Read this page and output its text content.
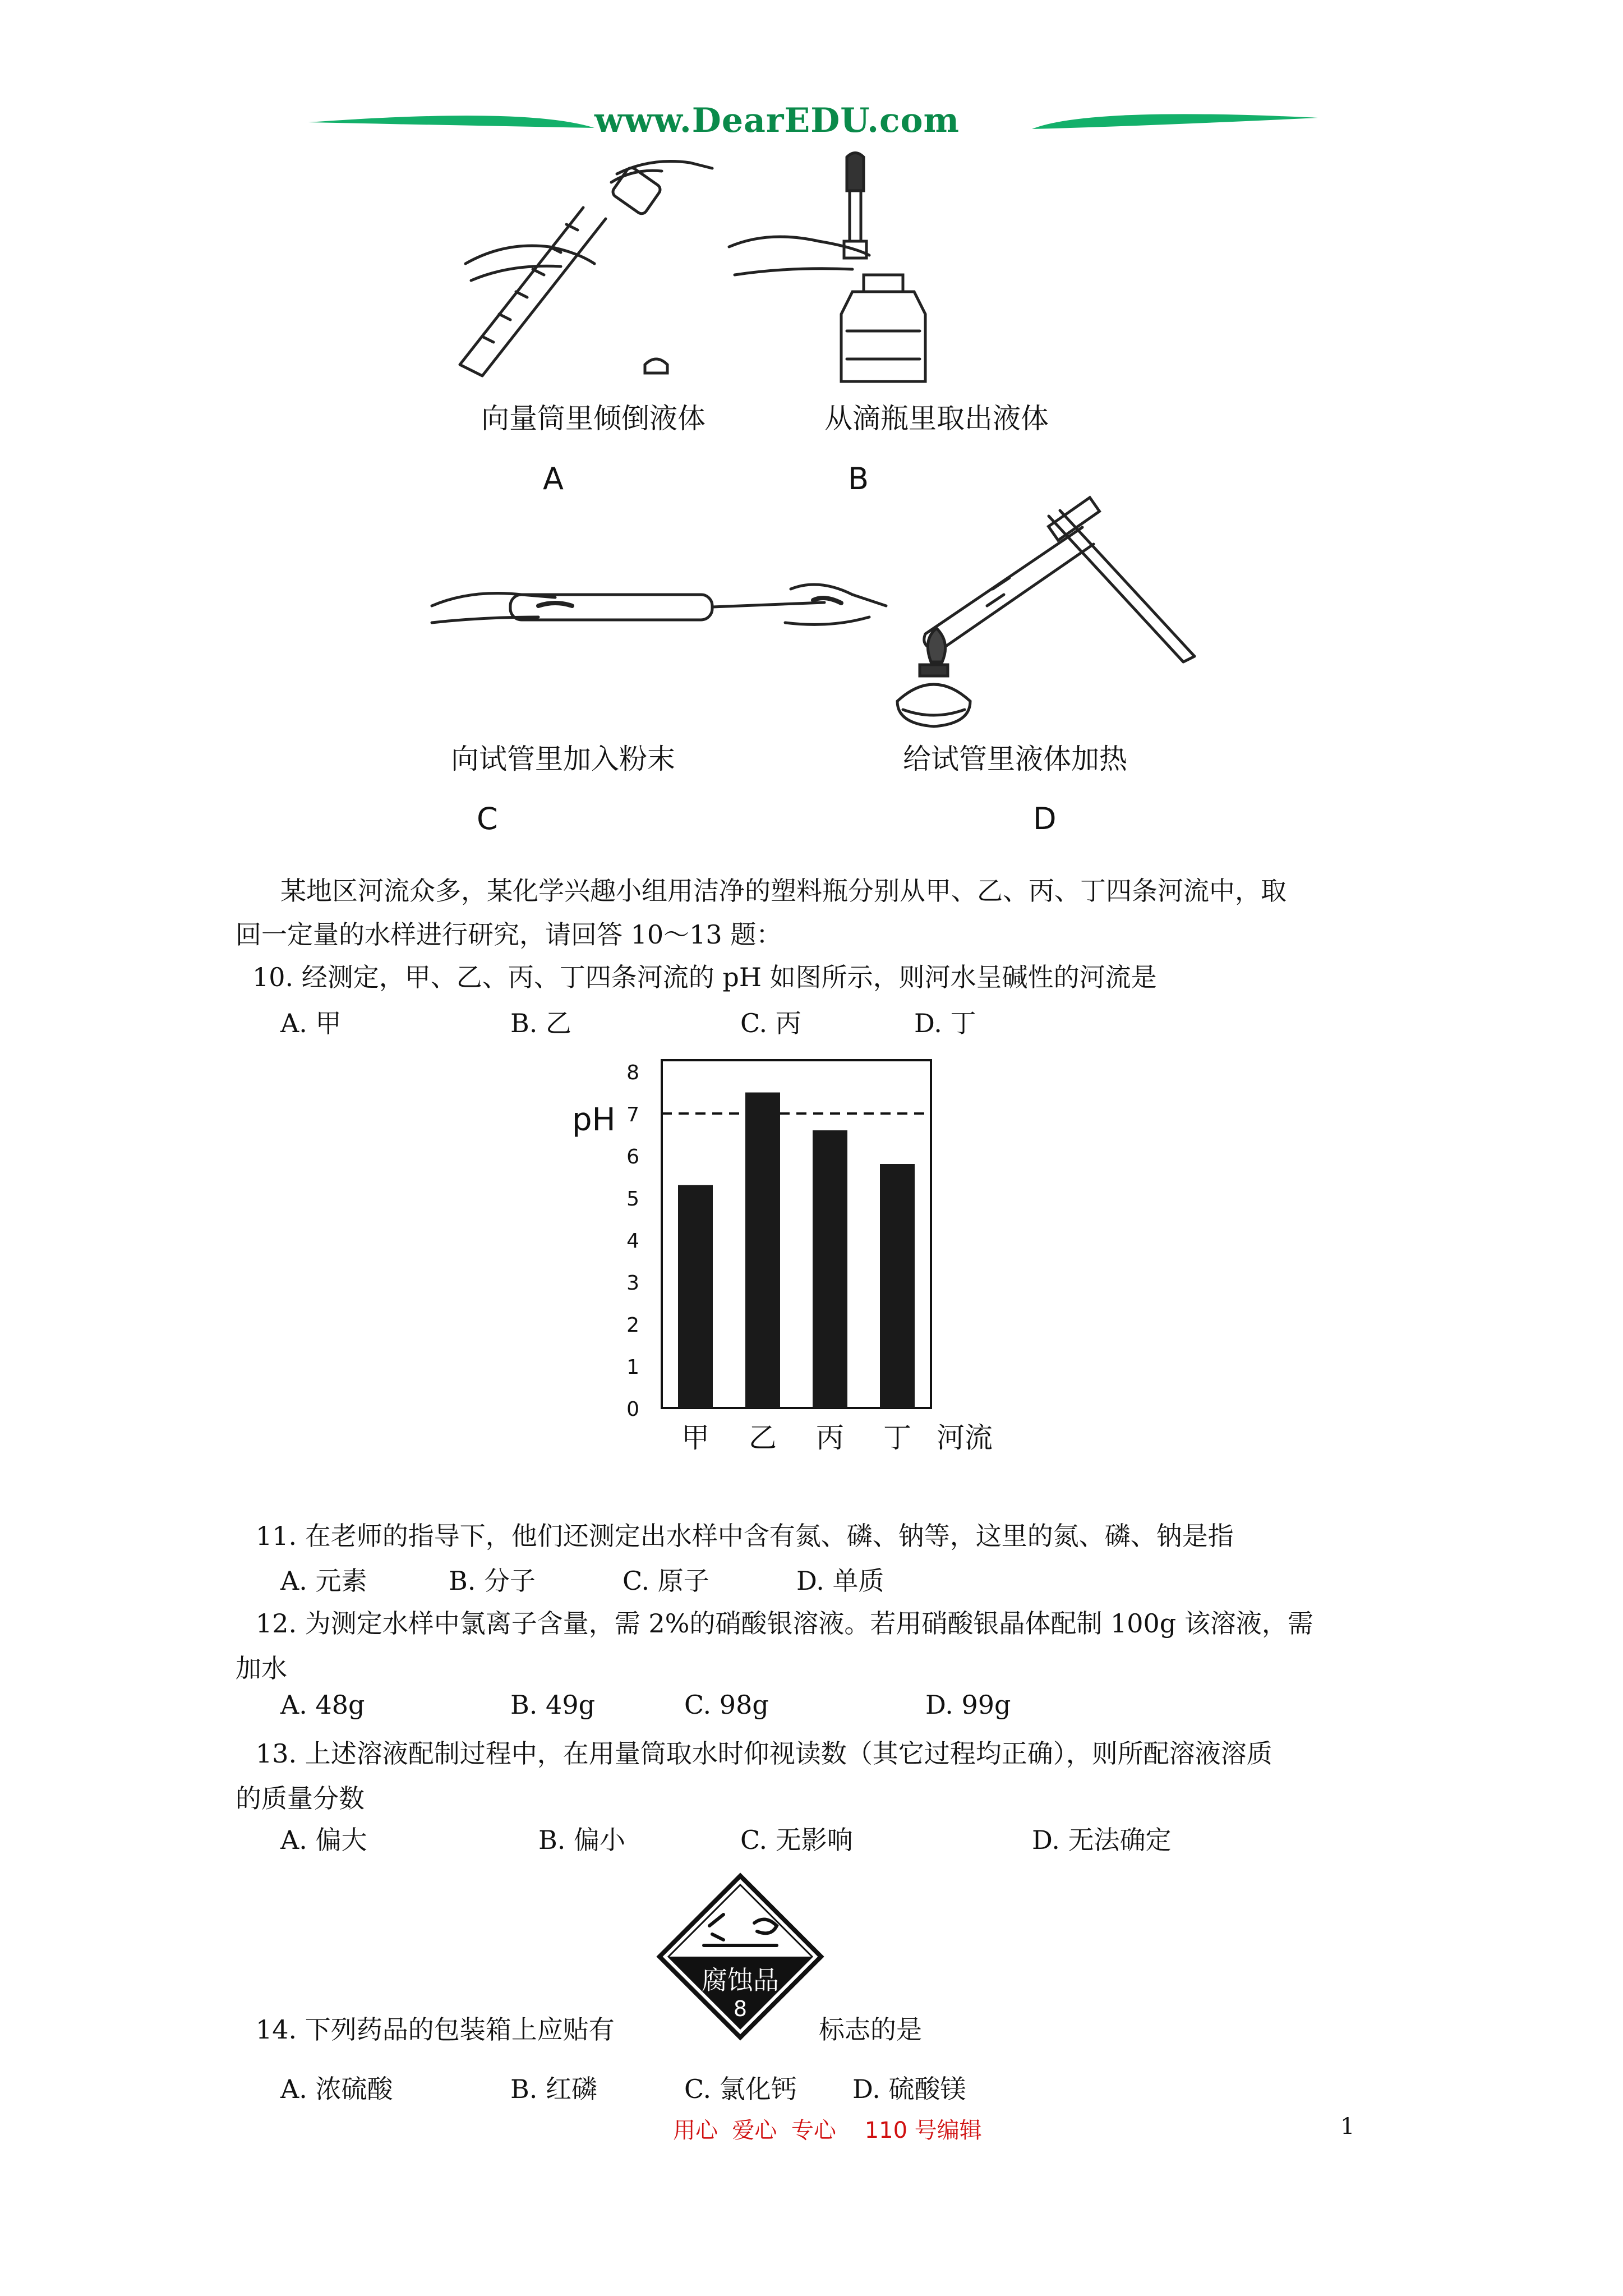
www.DearEDU.com
向量筒里倾倒液体
A
从滴瓶里取出液体
B
向试管里加入粉末
C
给试管里液体加热
D
某地区河流众多，某化学兴趣小组用洁净的塑料瓶分别从甲、乙、丙、丁四条河流中，取
回一定量的水样进行研究，请回答 10～13 题：
10. 经测定，甲、乙、丙、丁四条河流的 pH 如图所示，则河水呈碱性的河流是
A. 甲	B. 乙	C. 丙	D. 丁
0
1
2
3
4
5
6
7
8
pH
甲 乙 丙 丁 河流
11. 在老师的指导下，他们还测定出水样中含有氮、磷、钠等，这里的氮、磷、钠是指
A. 元素	B. 分子	C. 原子	D. 单质
12. 为测定水样中氯离子含量，需 2%的硝酸银溶液。若用硝酸银晶体配制 100g 该溶液，需
加水
A. 48g	B. 49g	C. 98g	D. 99g
13. 上述溶液配制过程中，在用量筒取水时仰视读数（其它过程均正确），则所配溶液溶质
的质量分数
A. 偏大	B. 偏小	C. 无影响	D. 无法确定
14. 下列药品的包装箱上应贴有
腐蚀品
8
标志的是
A. 浓硫酸	B. 红磷	C. 氯化钙 D. 硫酸镁
用心  爱心  专心    110 号编辑	1
